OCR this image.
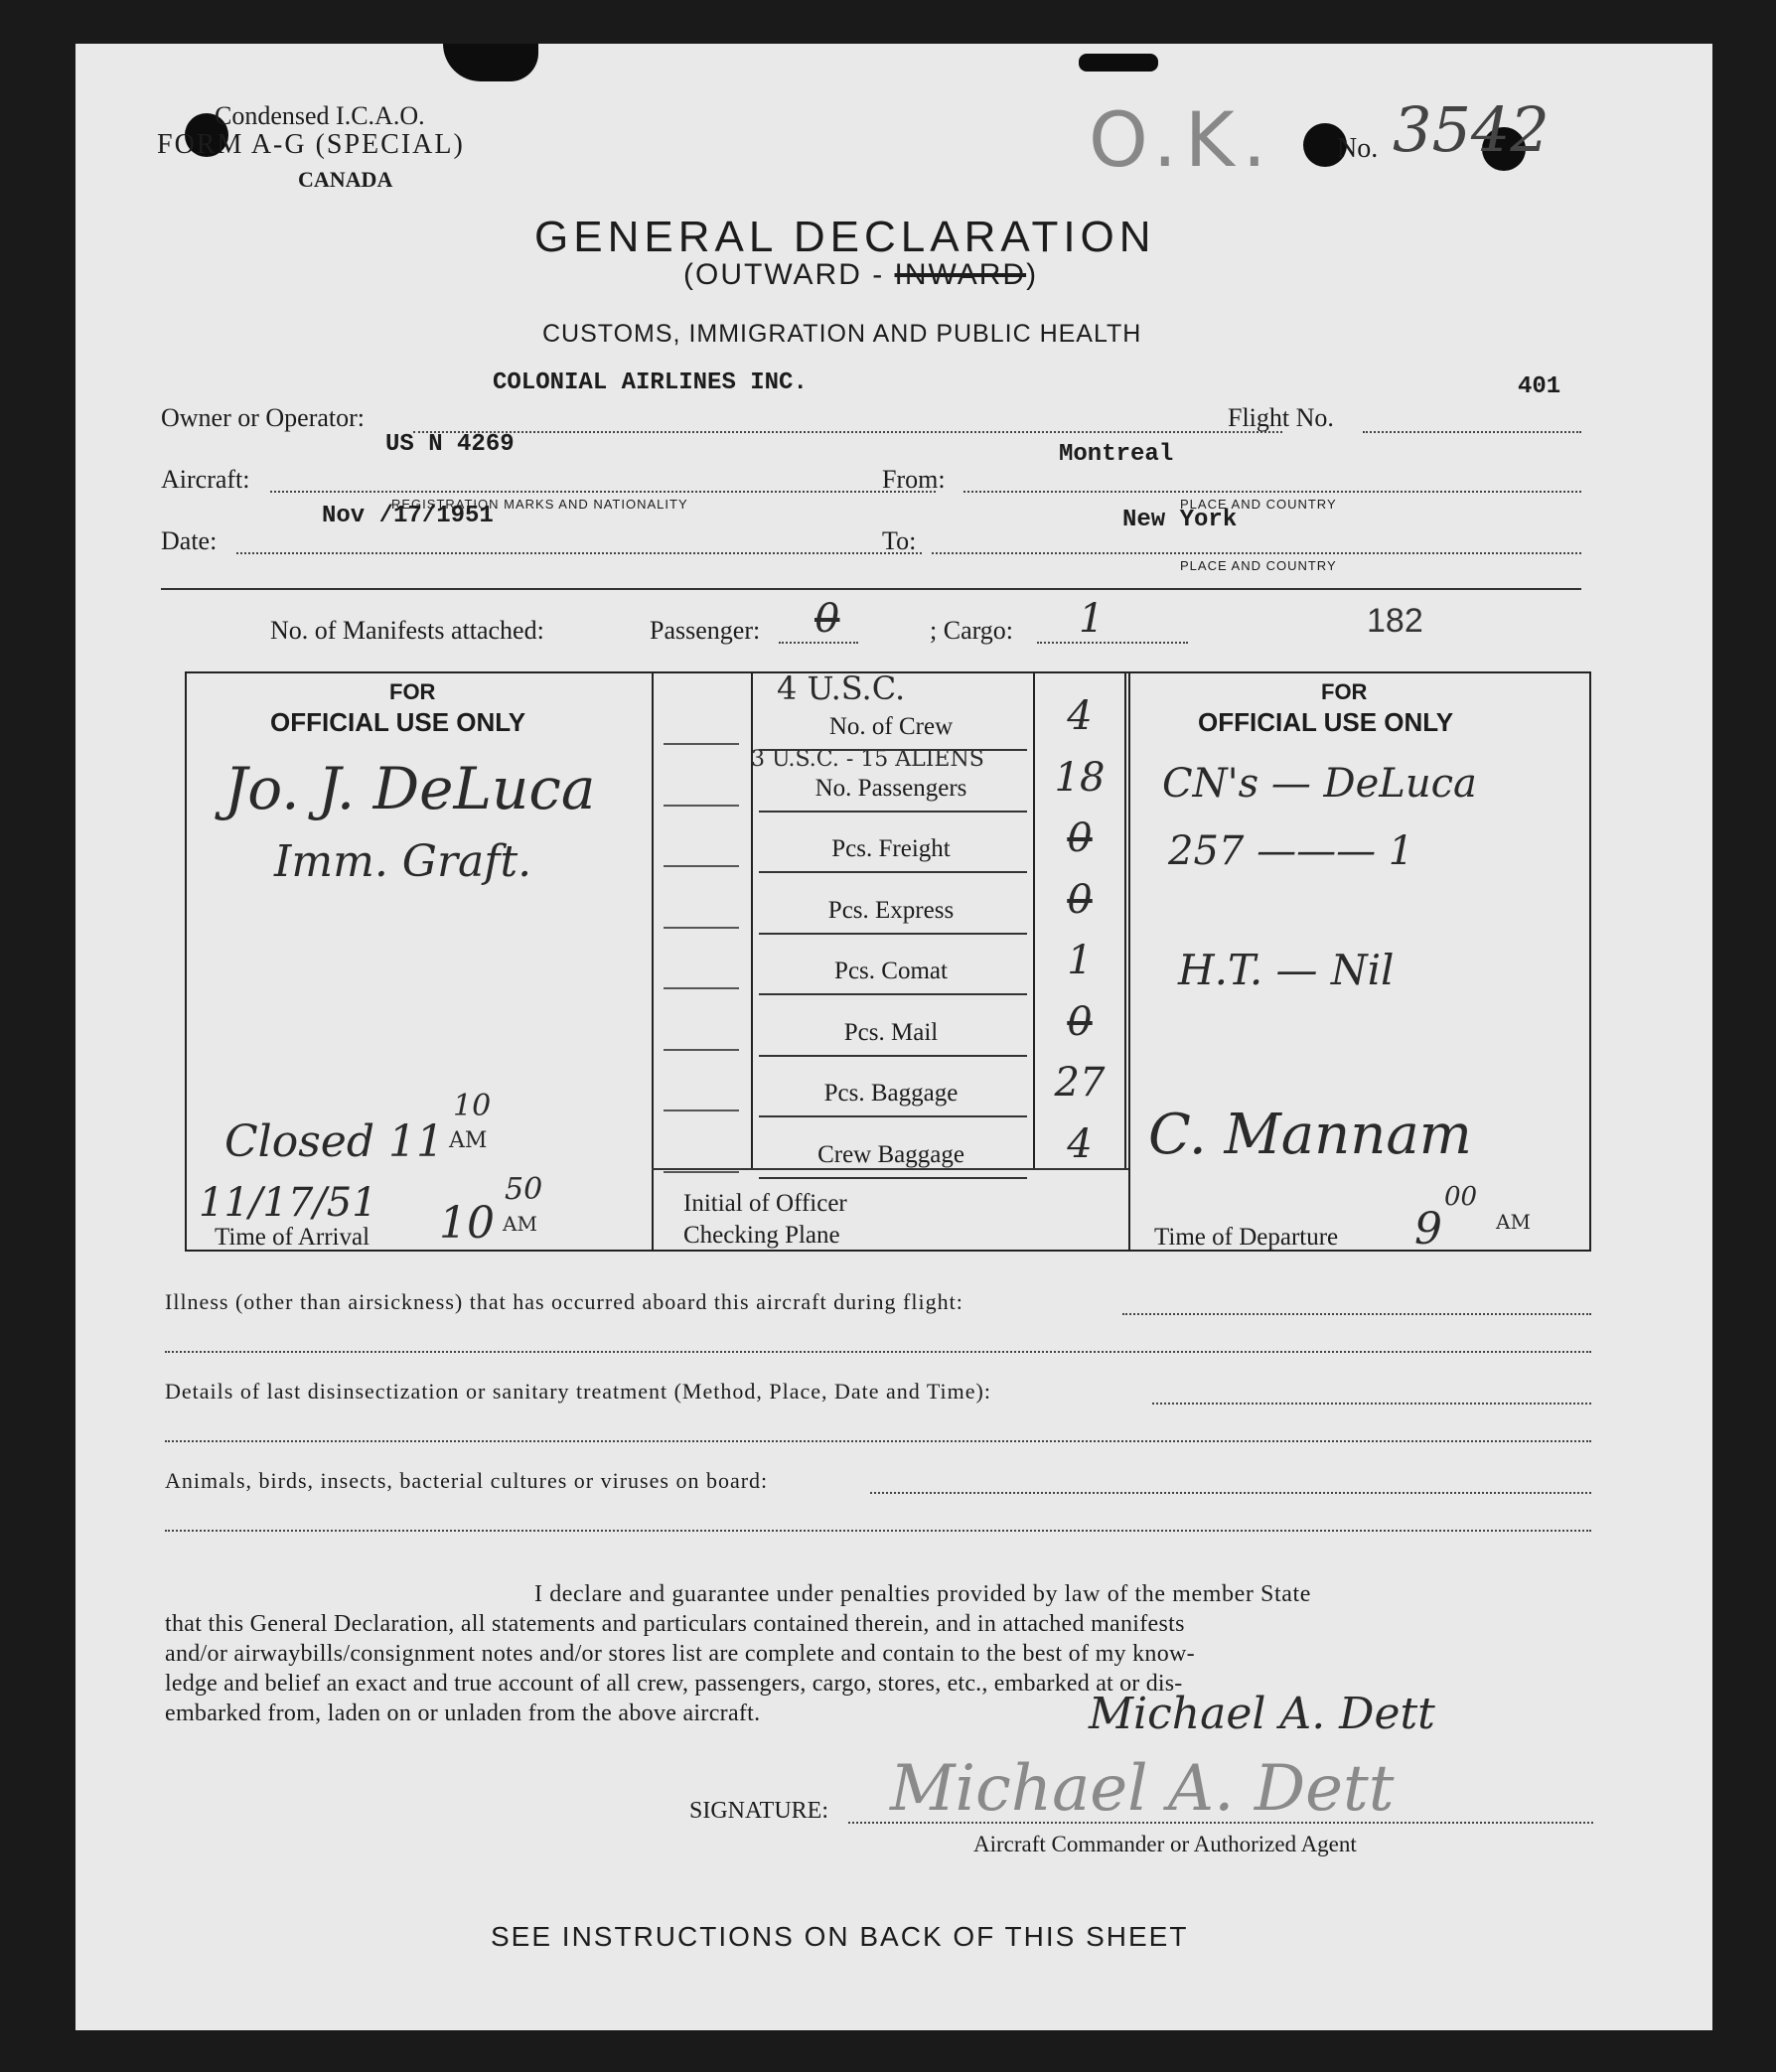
Condensed I.C.A.O.
FORM A-G (SPECIAL)
CANADA	O.K. No. 3542
GENERAL DECLARATION
(OUTWARD - INWARD)
CUSTOMS, IMMIGRATION AND PUBLIC HEALTH
COLONIAL AIRLINES INC.	401
Owner or Operator:	Flight No.
US N 4269	Montreal
Aircraft:	From:
REGISTRATION MARKS AND NATIONALITY	PLACE AND COUNTRY
Nov /17/1951	New York
Date:	To:
PLACE AND COUNTRY
No. of Manifests attached:	Passenger: 0	; Cargo: 1	182
FOR
OFFICIAL USE ONLY
Jo. J. DeLuca
Imm. Graft.
Closed 11
10
AM
11/17/51
Time of Arrival 10
50
AM
4 U.S.C.
3 U.S.C. - 15 ALIENS
No. of Crew	4
No. Passengers	18
Pcs. Freight	0
Pcs. Express	0
Pcs. Comat	1
Pcs. Mail	0
Pcs. Baggage	27
Crew Baggage	4
Initial of Officer
Checking Plane
FOR
OFFICIAL USE ONLY
CN's — DeLuca
257 ——— 1
H.T. — Nil
C. Mannam
Time of Departure 9
00
AM
Illness (other than airsickness) that has occurred aboard this aircraft during flight:
Details of last disinsectization or sanitary treatment (Method, Place, Date and Time):
Animals, birds, insects, bacterial cultures or viruses on board:
I declare and guarantee under penalties provided by law of the member State
that this General Declaration, all statements and particulars contained therein, and in attached manifests
and/or airwaybills/consignment notes and/or stores list are complete and contain to the best of my know-
ledge and belief an exact and true account of all crew, passengers, cargo, stores, etc., embarked at or dis-
embarked from, laden on or unladen from the above aircraft.	Michael A. Dett
Michael A. Dett
SIGNATURE:
Aircraft Commander or Authorized Agent
SEE INSTRUCTIONS ON BACK OF THIS SHEET
